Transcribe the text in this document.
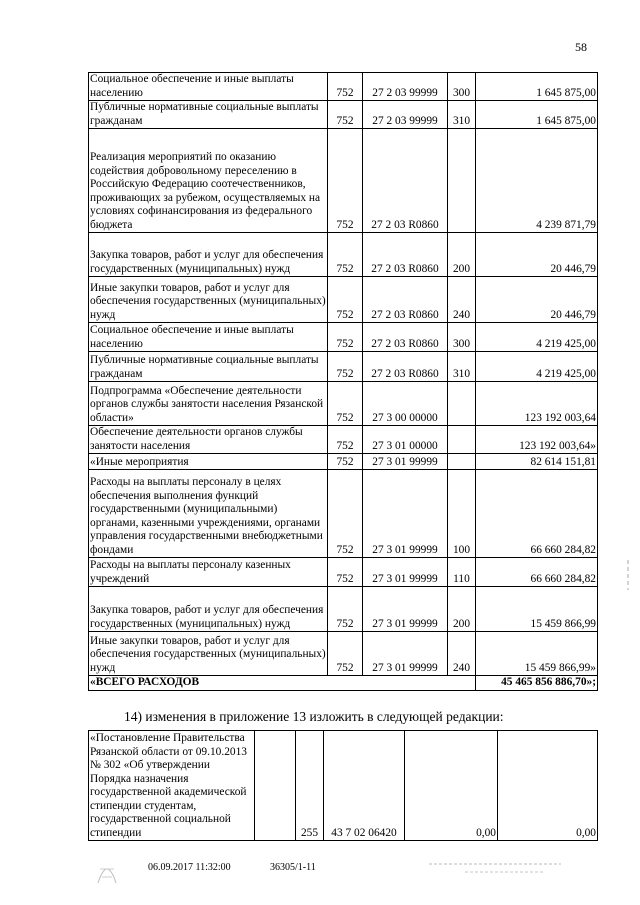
58
Социальное обеспечение и иные выплаты населению	752	27 2 03 99999	300	1 645 875,00
Публичные нормативные социальные выплаты гражданам	752	27 2 03 99999	310	1 645 875,00
Реализация мероприятий по оказанию содействия добровольному переселению в Российскую Федерацию соотечественников, проживающих за рубежом, осуществляемых на условиях софинансирования из федерального бюджета	752	27 2 03 R0860		4 239 871,79
Закупка товаров, работ и услуг для обеспечения государственных (муниципальных) нужд	752	27 2 03 R0860	200	20 446,79
Иные закупки товаров, работ и услуг для обеспечения государственных (муниципальных) нужд	752	27 2 03 R0860	240	20 446,79
Социальное обеспечение и иные выплаты населению	752	27 2 03 R0860	300	4 219 425,00
Публичные нормативные социальные выплаты гражданам	752	27 2 03 R0860	310	4 219 425,00
Подпрограмма «Обеспечение деятельности органов службы занятости населения Рязанской области»	752	27 3 00 00000		123 192 003,64
Обеспечение деятельности органов службы занятости населения	752	27 3 01 00000		123 192 003,64»
«Иные мероприятия	752	27 3 01 99999		82 614 151,81
Расходы на выплаты персоналу в целях обеспечения выполнения функций государственными (муниципальными) органами, казенными учреждениями, органами управления государственными внебюджетными фондами	752	27 3 01 99999	100	66 660 284,82
Расходы на выплаты персоналу казенных учреждений	752	27 3 01 99999	110	66 660 284,82
Закупка товаров, работ и услуг для обеспечения государственных (муниципальных) нужд	752	27 3 01 99999	200	15 459 866,99
Иные закупки товаров, работ и услуг для обеспечения государственных (муниципальных) нужд	752	27 3 01 99999	240	15 459 866,99»
«ВСЕГО РАСХОДОВ				45 465 856 886,70»;
14) изменения в приложение 13 изложить в следующей редакции:
«Постановление Правительства Рязанской области от 09.10.2013 № 302 «Об утверждении Порядка назначения государственной академической стипендии студентам, государственной социальной стипендии		255	43 7 02 06420	0,00	0,00
06.09.2017 11:32:00	36305/1-11
